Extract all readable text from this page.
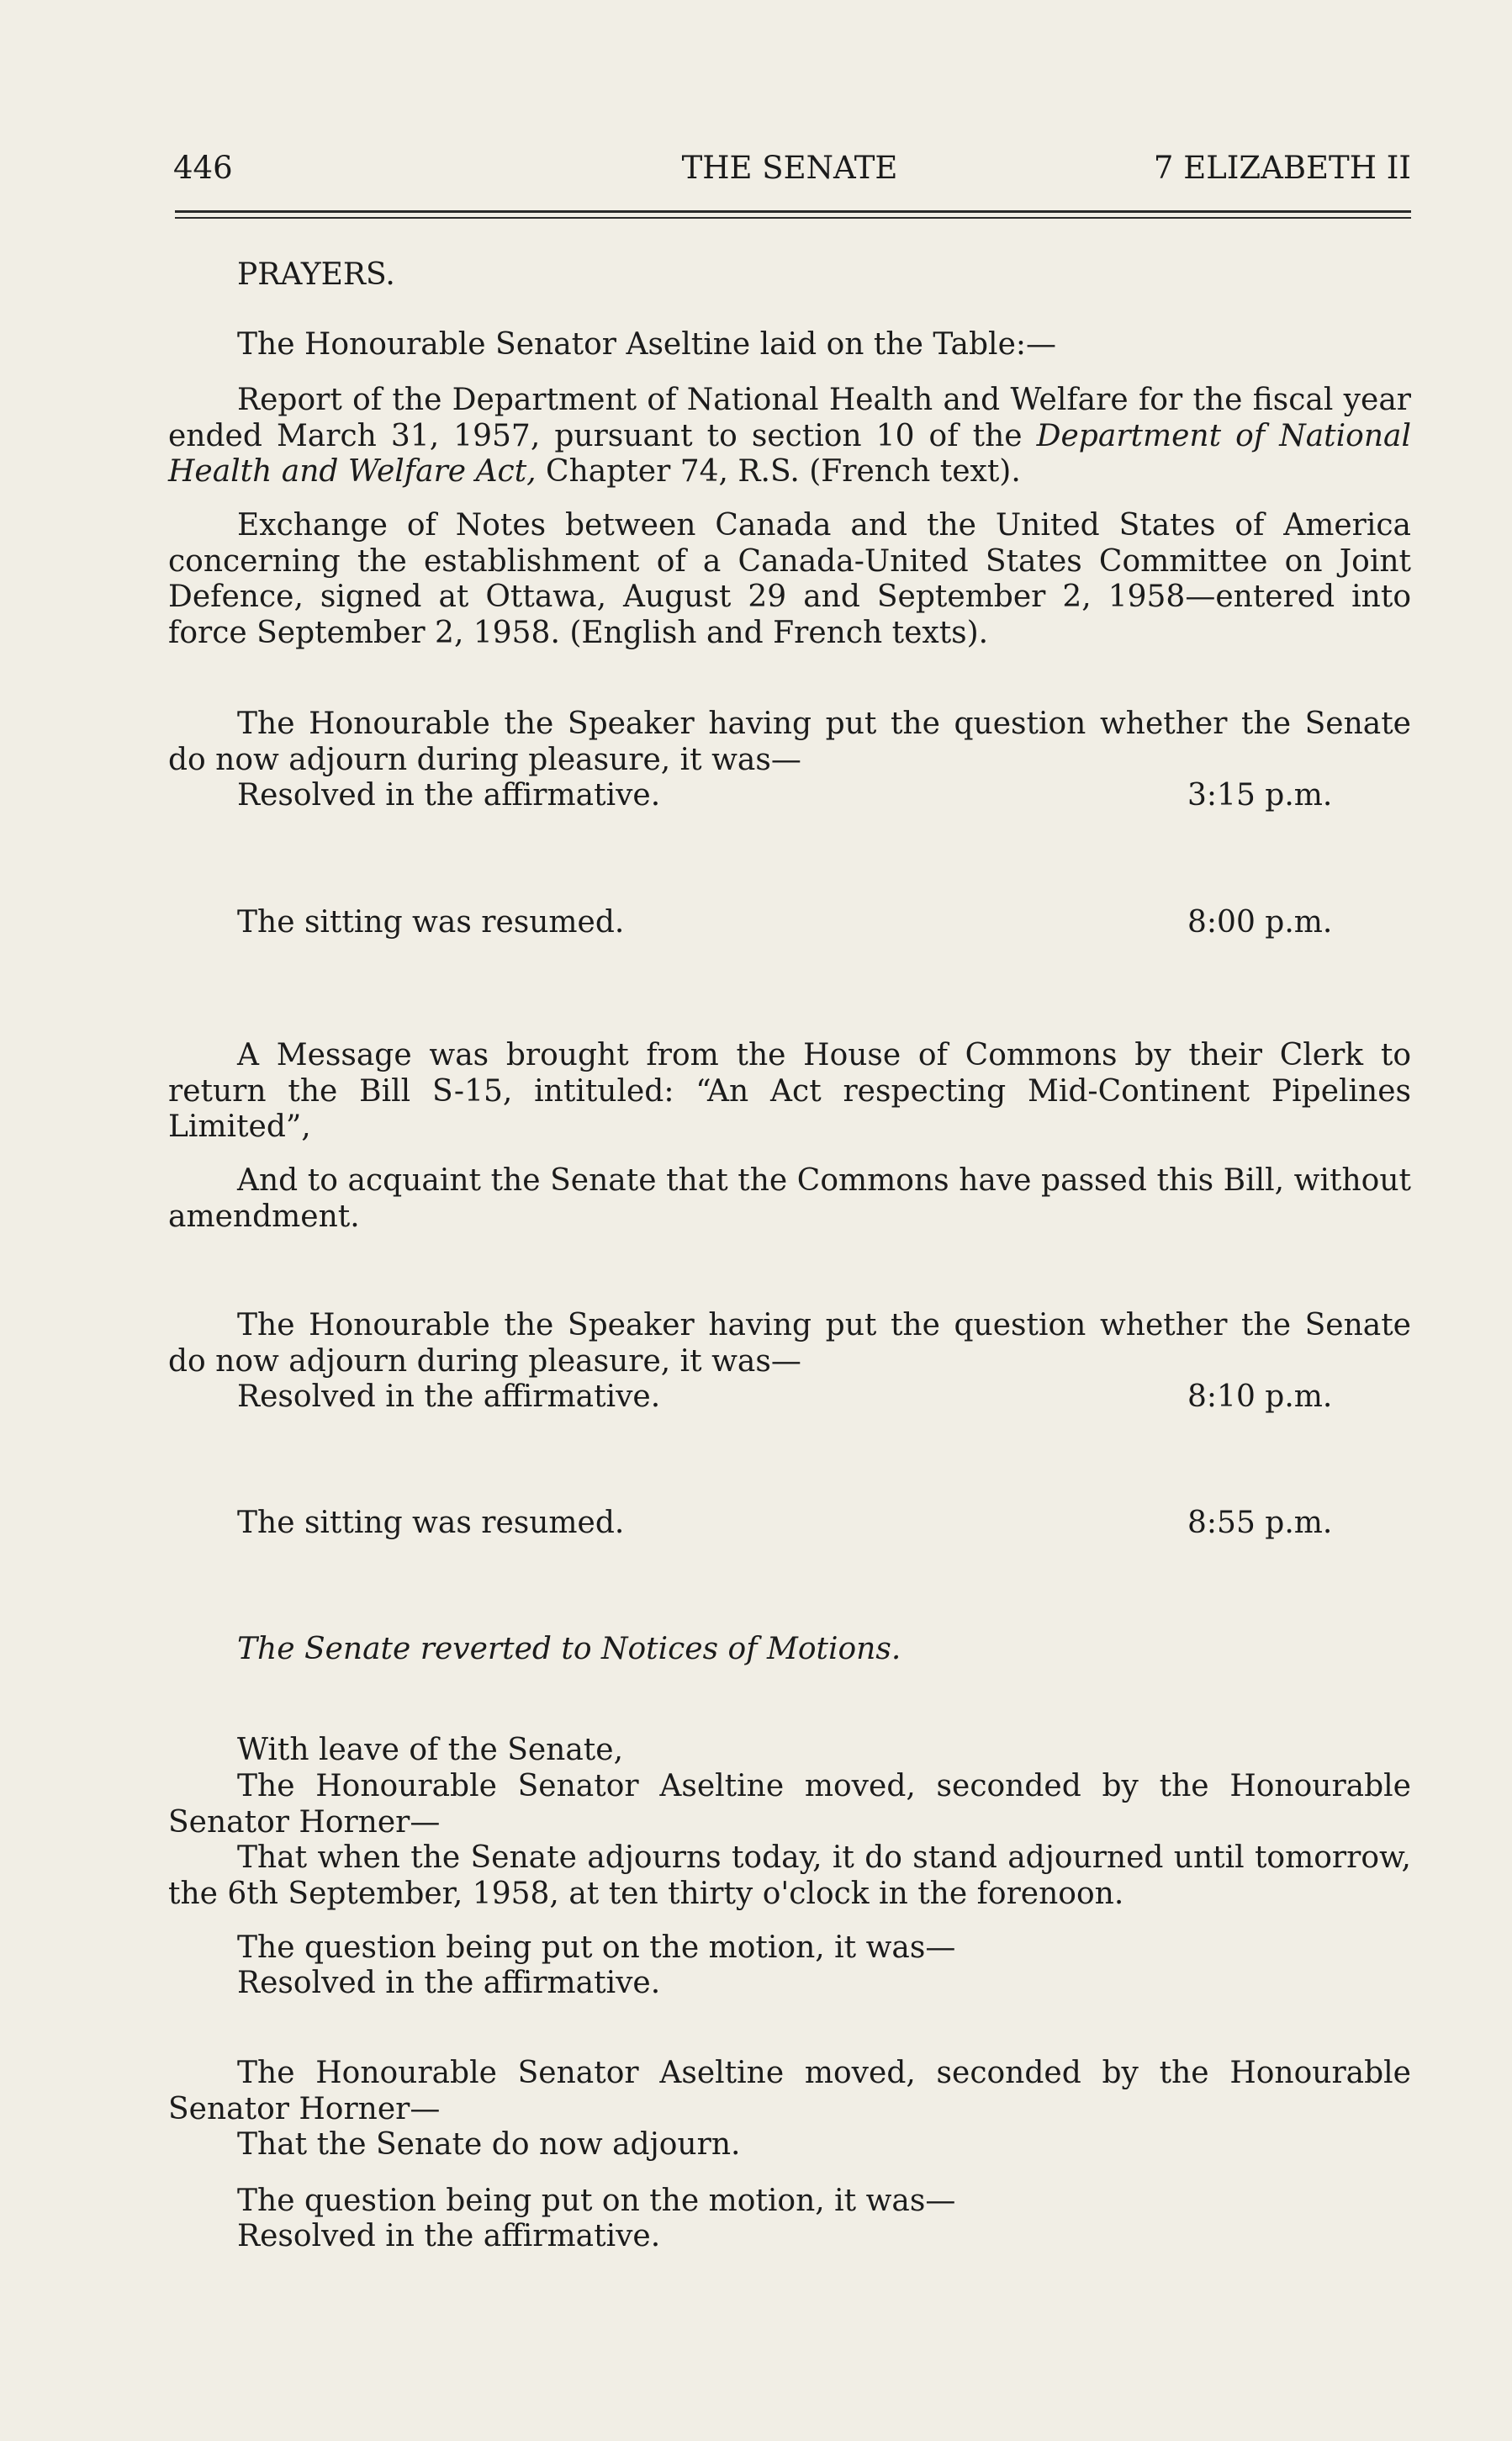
446	THE SENATE	7 ELIZABETH II
PRAYERS.
The Honourable Senator Aseltine laid on the Table:—
Report of the Department of National Health and Welfare for the fiscal year ended March 31, 1957, pursuant to section 10 of the Department of National Health and Welfare Act, Chapter 74, R.S. (French text).
Exchange of Notes between Canada and the United States of America concerning the establishment of a Canada-United States Committee on Joint Defence, signed at Ottawa, August 29 and September 2, 1958—entered into force September 2, 1958. (English and French texts).
The Honourable the Speaker having put the question whether the Senate do now adjourn during pleasure, it was—
Resolved in the affirmative.	3:15 p.m.
The sitting was resumed.	8:00 p.m.
A Message was brought from the House of Commons by their Clerk to return the Bill S-15, intituled: “An Act respecting Mid-Continent Pipelines Limited”,
And to acquaint the Senate that the Commons have passed this Bill, without amendment.
The Honourable the Speaker having put the question whether the Senate do now adjourn during pleasure, it was—
Resolved in the affirmative.	8:10 p.m.
The sitting was resumed.	8:55 p.m.
The Senate reverted to Notices of Motions.
With leave of the Senate,
The Honourable Senator Aseltine moved, seconded by the Honourable Senator Horner—
That when the Senate adjourns today, it do stand adjourned until tomorrow, the 6th September, 1958, at ten thirty o'clock in the forenoon.
The question being put on the motion, it was—
Resolved in the affirmative.
The Honourable Senator Aseltine moved, seconded by the Honourable Senator Horner—
That the Senate do now adjourn.
The question being put on the motion, it was—
Resolved in the affirmative.
